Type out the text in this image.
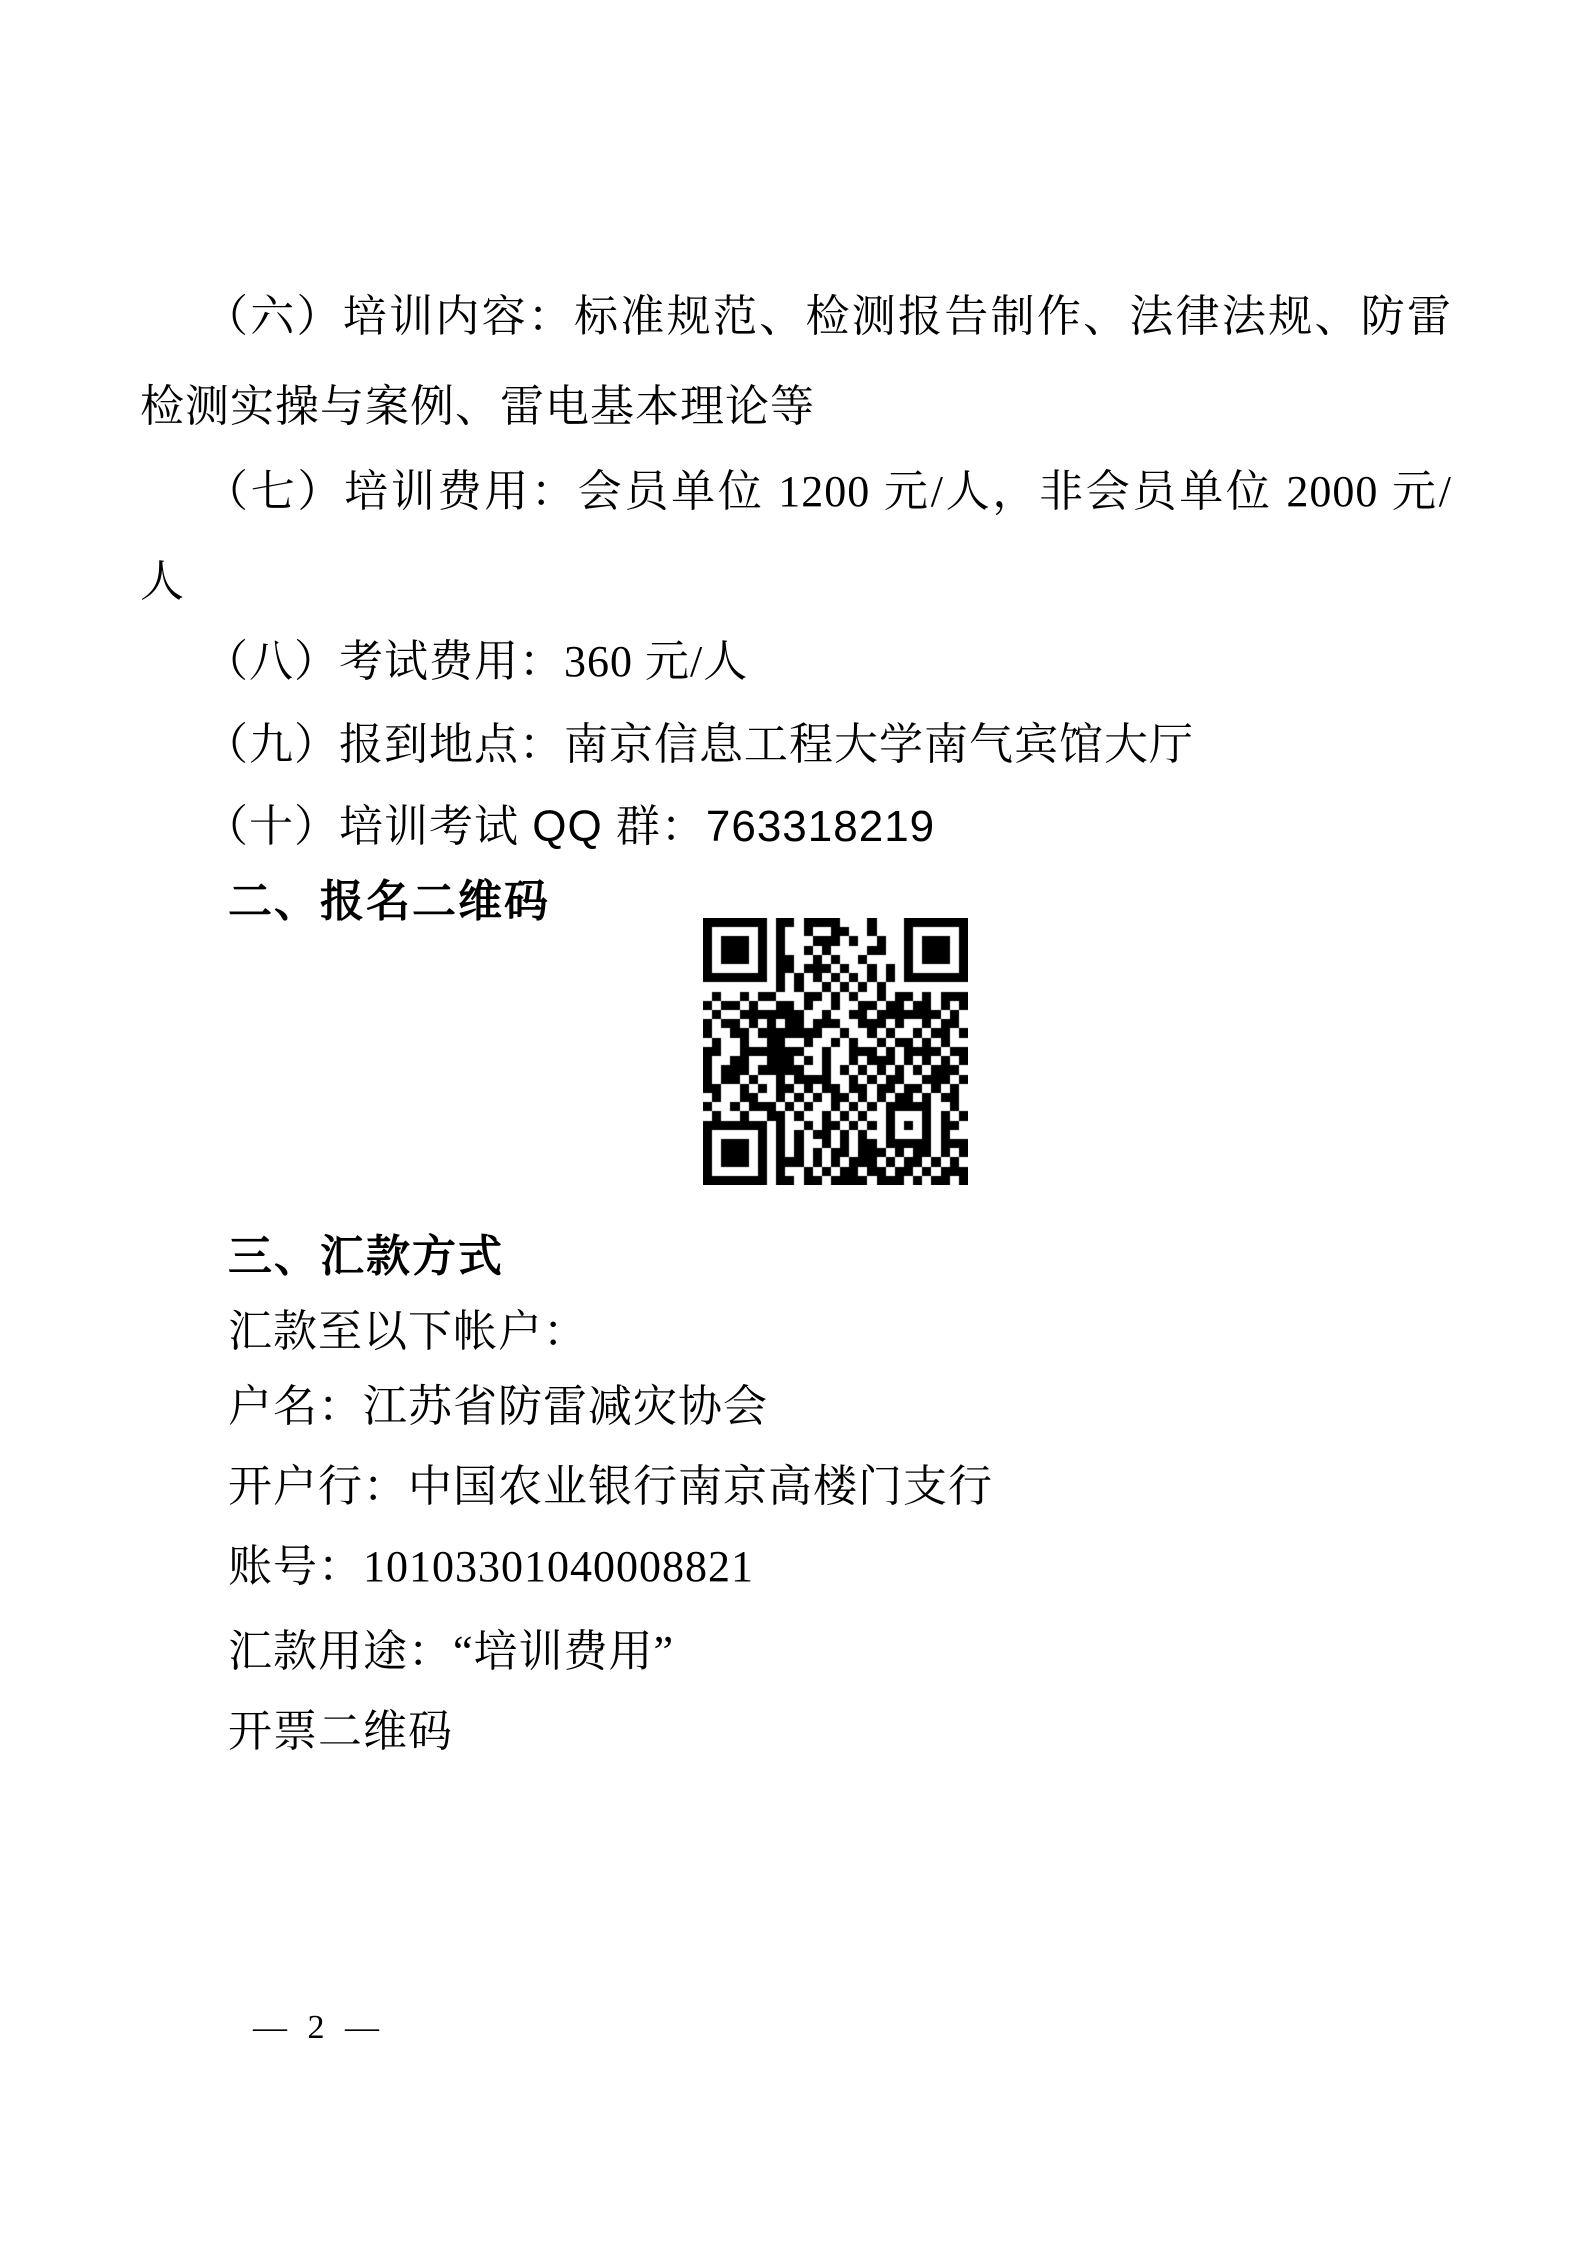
（六）培训内容：标准规范、检测报告制作、法律法规、防雷检测实操与案例、雷电基本理论等

（七）培训费用：会员单位 1200 元/人，非会员单位 2000 元/人

（八）考试费用：360 元/人

（九）报到地点：南京信息工程大学南气宾馆大厅

（十）培训考试 QQ 群：763318219

二、报名二维码

三、汇款方式

汇款至以下帐户：

户名：江苏省防雷减灾协会

开户行：中国农业银行南京高楼门支行

账号：10103301040008821

汇款用途：“培训费用”

开票二维码

— 2 —
